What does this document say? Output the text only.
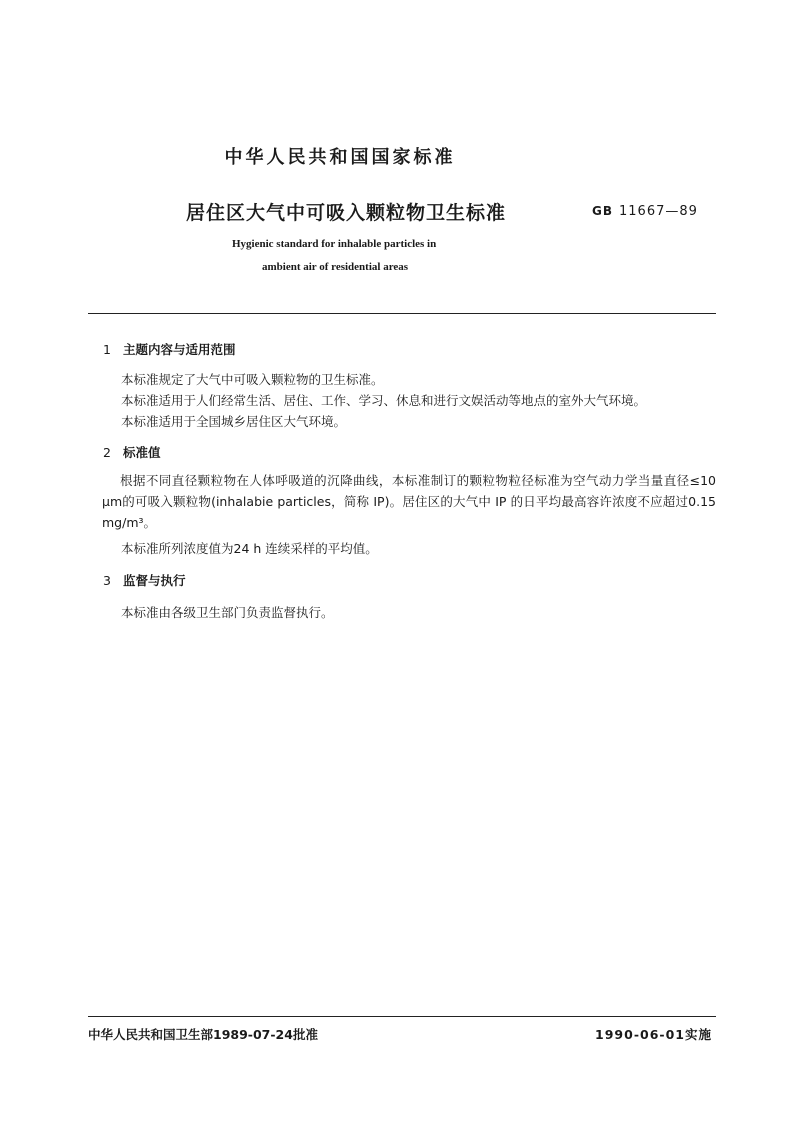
中华人民共和国国家标准
居住区大气中可吸入颗粒物卫生标准	GB 11667—89
Hygienic standard for inhalable particles in
ambient air of residential areas
1 主题内容与适用范围
本标准规定了大气中可吸入颗粒物的卫生标准。
本标准适用于人们经常生活、居住、工作、学习、休息和进行文娱活动等地点的室外大气环境。
本标准适用于全国城乡居住区大气环境。
2 标准值
根据不同直径颗粒物在人体呼吸道的沉降曲线，本标准制订的颗粒物粒径标准为空气动力学当量直径≤10 μm的可吸入颗粒物(inhalabie particles，简称 IP)。居住区的大气中 IP 的日平均最高容许浓度不应超过0.15 mg/m³。
本标准所列浓度值为24 h 连续采样的平均值。
3 监督与执行
本标准由各级卫生部门负责监督执行。
中华人民共和国卫生部1989-07-24批准	1990-06-01实施
